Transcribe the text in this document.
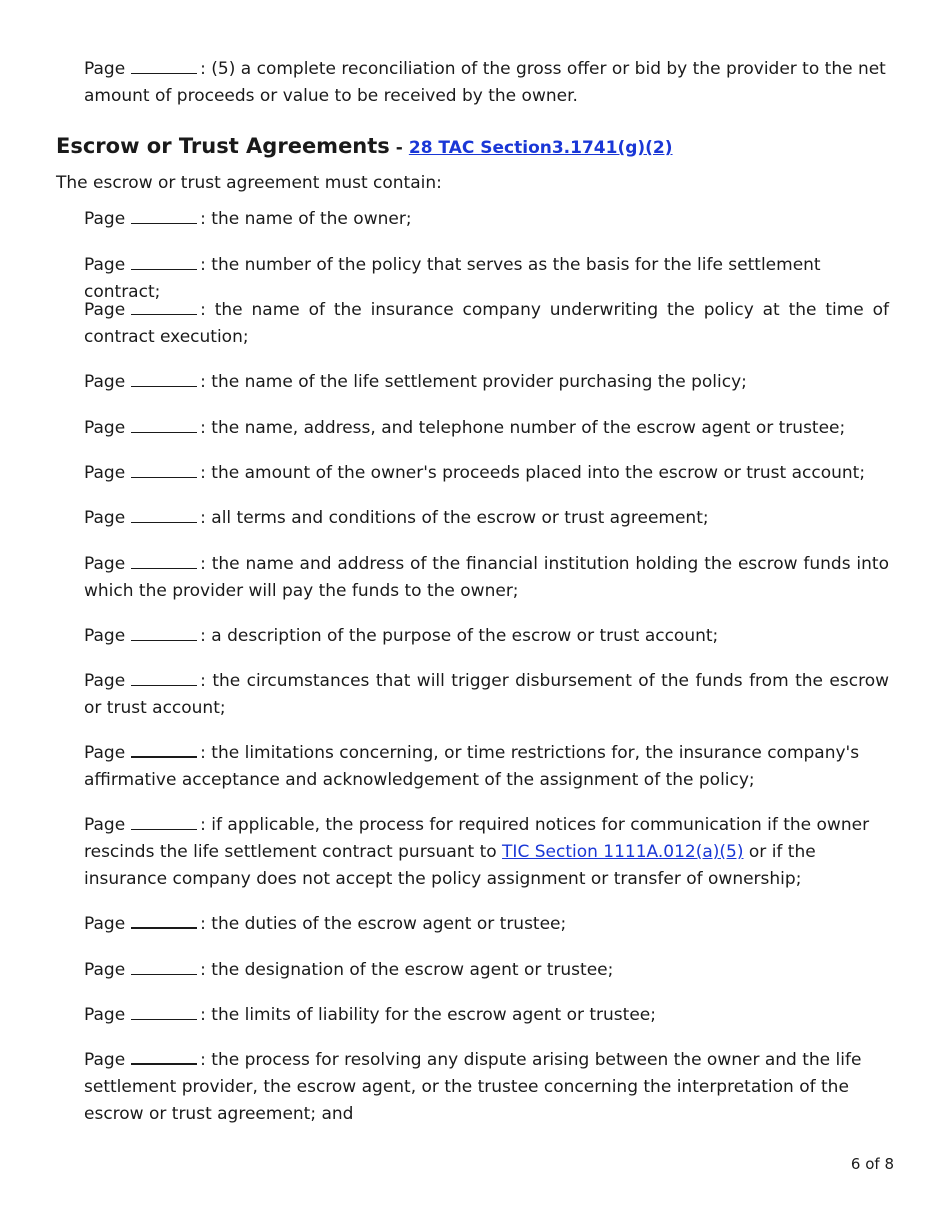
Page	: (5) a complete reconciliation of the gross offer or bid by the provider to the net amount of proceeds or value to be received by the owner.

Escrow or Trust Agreements - 28 TAC Section3.1741(g)(2)

The escrow or trust agreement must contain:

Page	: the name of the owner;

Page	: the number of the policy that serves as the basis for the life settlement contract;

Page	: the name of the insurance company underwriting the policy at the time of contract execution;

Page	: the name of the life settlement provider purchasing the policy;

Page	: the name, address, and telephone number of the escrow agent or trustee;

Page	: the amount of the owner's proceeds placed into the escrow or trust account;

Page	: all terms and conditions of the escrow or trust agreement;

Page	: the name and address of the financial institution holding the escrow funds into which the provider will pay the funds to the owner;

Page	: a description of the purpose of the escrow or trust account;

Page	: the circumstances that will trigger disbursement of the funds from the escrow or trust account;

Page	: the limitations concerning, or time restrictions for, the insurance company's affirmative acceptance and acknowledgement of the assignment of the policy;

Page	: if applicable, the process for required notices for communication if the owner rescinds the life settlement contract pursuant to TIC Section 1111A.012(a)(5) or if the insurance company does not accept the policy assignment or transfer of ownership;

Page	: the duties of the escrow agent or trustee;

Page	: the designation of the escrow agent or trustee;

Page	: the limits of liability for the escrow agent or trustee;

Page	: the process for resolving any dispute arising between the owner and the life settlement provider, the escrow agent, or the trustee concerning the interpretation of the escrow or trust agreement; and

6 of 8
